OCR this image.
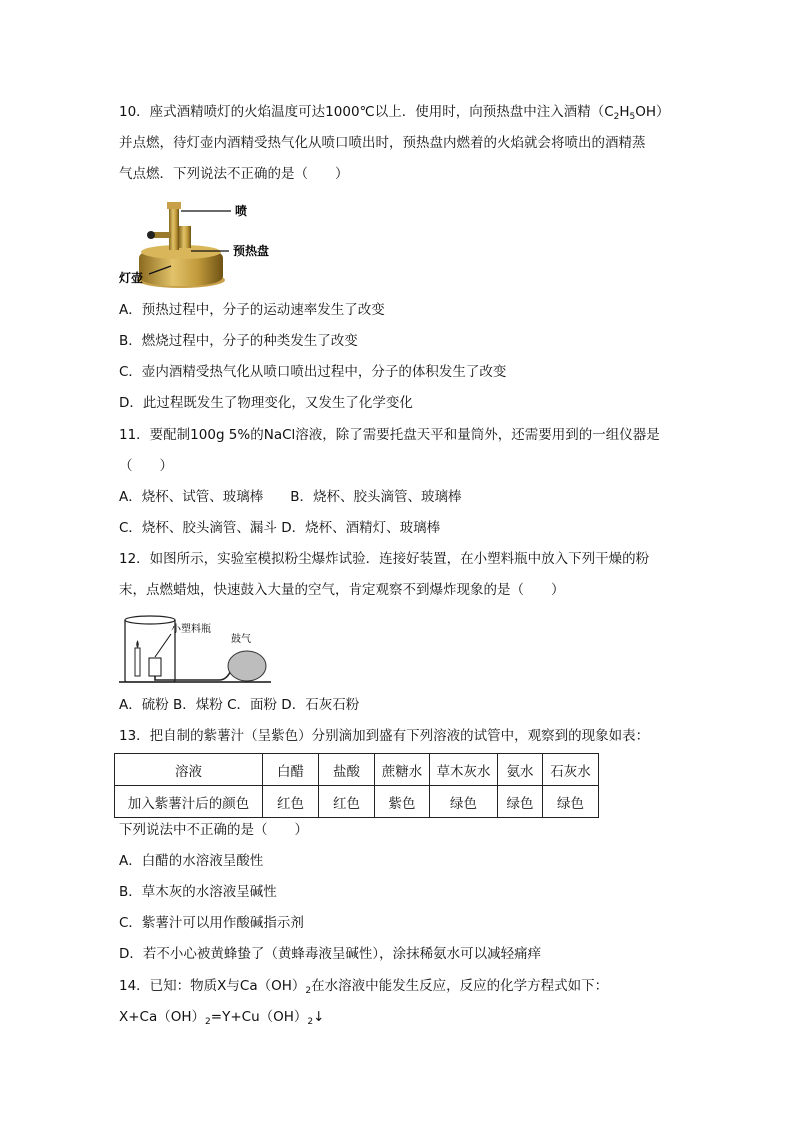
10．座式酒精喷灯的火焰温度可达1000℃以上．使用时，向预热盘中注入酒精$(C_2H_5OH)$
并点燃，待灯壶内酒精受热气化从喷口喷出时，预热盘内燃着的火焰就会将喷出的酒精蒸
气点燃．下列说法不正确的是（　　）
喷
预热盘
灯壶
A．预热过程中，分子的运动速率发生了改变
B．燃烧过程中，分子的种类发生了改变
C．壶内酒精受热气化从喷口喷出过程中，分子的体积发生了改变
D．此过程既发生了物理变化，又发生了化学变化
11．要配制100g 5%的NaCl溶液，除了需要托盘天平和量筒外，还需要用到的一组仪器是
（　　）
A．烧杯、试管、玻璃棒　　B．烧杯、胶头滴管、玻璃棒
C．烧杯、胶头滴管、漏斗 D．烧杯、酒精灯、玻璃棒
12．如图所示，实验室模拟粉尘爆炸试验．连接好装置，在小塑料瓶中放入下列干燥的粉
末，点燃蜡烛，快速鼓入大量的空气，肯定观察不到爆炸现象的是（　　）
小塑料瓶
鼓气
A．硫粉 B．煤粉 C．面粉 D．石灰石粉
13．把自制的紫薯汁（呈紫色）分别滴加到盛有下列溶液的试管中，观察到的现象如表：
溶液	白醋	盐酸	蔗糖水	草木灰水	氨水	石灰水
加入紫薯汁后的颜色	红色	红色	紫色	绿色	绿色	绿色
下列说法中不正确的是（　　）
A．白醋的水溶液呈酸性
B．草木灰的水溶液呈碱性
C．紫薯汁可以用作酸碱指示剂
D．若不小心被黄蜂蛰了（黄蜂毒液呈碱性），涂抹稀氨水可以减轻痛痒
14．已知：物质X与$Ca(OH)_2$在水溶液中能发生反应，反应的化学方程式如下：
$X+Ca(OH)_2=Y+Cu(OH)_2↓$
